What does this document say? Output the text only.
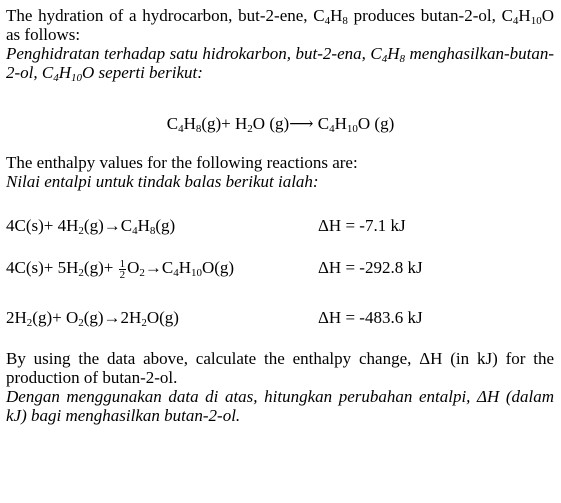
The hydration of a hydrocarbon, but-2-ene, $C_4H_8$ produces butan-2-ol, $C_4H_{10}O$ as follows:
Penghidratan terhadap satu hidrokarbon, but-2-ena, $C_4H_8$ menghasilkan-butan-2-ol, $C_4H_{10}O$ seperti berikut:
$C_4H_8(g)+ H_2O$ (g)⟶ $C_4H_{10}O$ (g)
The enthalpy values for the following reactions are:
Nilai entalpi untuk tindak balas berikut ialah:
$4C(s)+ 4H_2(g)\to C_4H_8(g)$	ΔH = -7.1 kJ
$4C(s)+ 5H_2(g)+ \frac{1}{2} O_2\to C_4H_{10}O(g)$	ΔH = -292.8 kJ
$2H_2(g)+ O_2(g)\to 2H_2O(g)$	ΔH = -483.6 kJ
By using the data above, calculate the enthalpy change, ΔH (in kJ) for the production of butan-2-ol.
Dengan menggunakan data di atas, hitungkan perubahan entalpi, ΔH (dalam kJ) bagi menghasilkan butan-2-ol.
